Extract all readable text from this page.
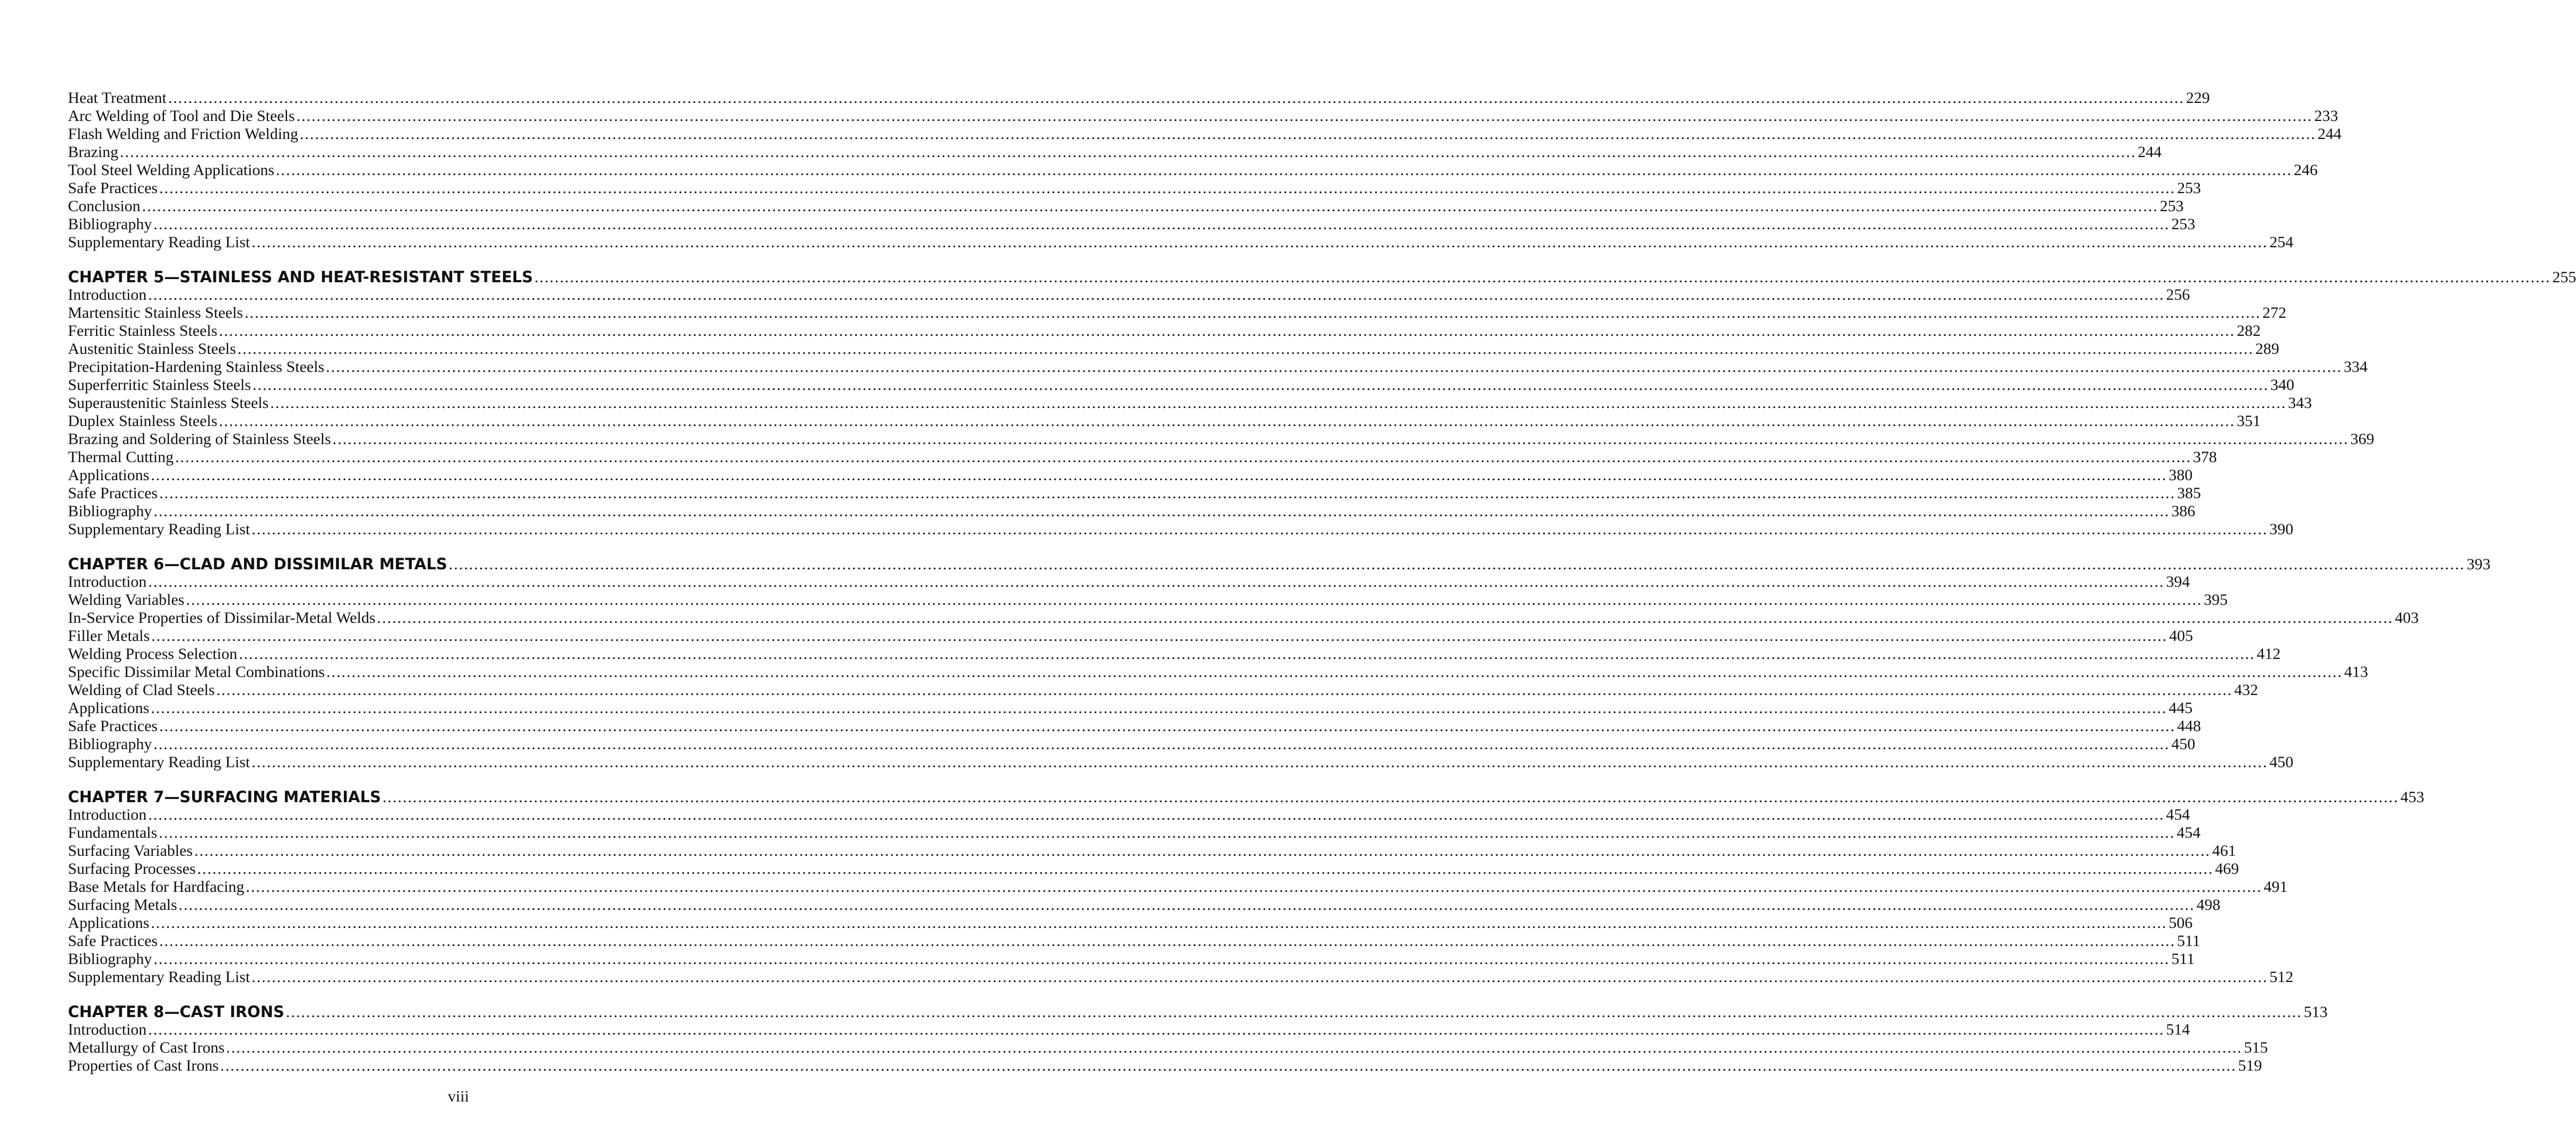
Heat Treatment ................................................................................................................................................................................................................................................................................................................................................................................................................ 229
Arc Welding of Tool and Die Steels ................................................................................................................................................................................................................................................................................................................................................................................................................ 233
Flash Welding and Friction Welding ................................................................................................................................................................................................................................................................................................................................................................................................................ 244
Brazing ................................................................................................................................................................................................................................................................................................................................................................................................................ 244
Tool Steel Welding Applications ................................................................................................................................................................................................................................................................................................................................................................................................................ 246
Safe Practices ................................................................................................................................................................................................................................................................................................................................................................................................................ 253
Conclusion ................................................................................................................................................................................................................................................................................................................................................................................................................ 253
Bibliography ................................................................................................................................................................................................................................................................................................................................................................................................................ 253
Supplementary Reading List ................................................................................................................................................................................................................................................................................................................................................................................................................ 254
CHAPTER 5—STAINLESS AND HEAT-RESISTANT STEELS ................................................................................................................................................................................................................................................................................................................................................................................................................ 255
Introduction ................................................................................................................................................................................................................................................................................................................................................................................................................ 256
Martensitic Stainless Steels ................................................................................................................................................................................................................................................................................................................................................................................................................ 272
Ferritic Stainless Steels ................................................................................................................................................................................................................................................................................................................................................................................................................ 282
Austenitic Stainless Steels ................................................................................................................................................................................................................................................................................................................................................................................................................ 289
Precipitation-Hardening Stainless Steels ................................................................................................................................................................................................................................................................................................................................................................................................................ 334
Superferritic Stainless Steels ................................................................................................................................................................................................................................................................................................................................................................................................................ 340
Superaustenitic Stainless Steels ................................................................................................................................................................................................................................................................................................................................................................................................................ 343
Duplex Stainless Steels ................................................................................................................................................................................................................................................................................................................................................................................................................ 351
Brazing and Soldering of Stainless Steels ................................................................................................................................................................................................................................................................................................................................................................................................................ 369
Thermal Cutting ................................................................................................................................................................................................................................................................................................................................................................................................................ 378
Applications ................................................................................................................................................................................................................................................................................................................................................................................................................ 380
Safe Practices ................................................................................................................................................................................................................................................................................................................................................................................................................ 385
Bibliography ................................................................................................................................................................................................................................................................................................................................................................................................................ 386
Supplementary Reading List ................................................................................................................................................................................................................................................................................................................................................................................................................ 390
CHAPTER 6—CLAD AND DISSIMILAR METALS ................................................................................................................................................................................................................................................................................................................................................................................................................ 393
Introduction ................................................................................................................................................................................................................................................................................................................................................................................................................ 394
Welding Variables ................................................................................................................................................................................................................................................................................................................................................................................................................ 395
In-Service Properties of Dissimilar-Metal Welds ................................................................................................................................................................................................................................................................................................................................................................................................................ 403
Filler Metals ................................................................................................................................................................................................................................................................................................................................................................................................................ 405
Welding Process Selection ................................................................................................................................................................................................................................................................................................................................................................................................................ 412
Specific Dissimilar Metal Combinations ................................................................................................................................................................................................................................................................................................................................................................................................................ 413
Welding of Clad Steels ................................................................................................................................................................................................................................................................................................................................................................................................................ 432
Applications ................................................................................................................................................................................................................................................................................................................................................................................................................ 445
Safe Practices ................................................................................................................................................................................................................................................................................................................................................................................................................ 448
Bibliography ................................................................................................................................................................................................................................................................................................................................................................................................................ 450
Supplementary Reading List ................................................................................................................................................................................................................................................................................................................................................................................................................ 450
CHAPTER 7—SURFACING MATERIALS ................................................................................................................................................................................................................................................................................................................................................................................................................ 453
Introduction ................................................................................................................................................................................................................................................................................................................................................................................................................ 454
Fundamentals ................................................................................................................................................................................................................................................................................................................................................................................................................ 454
Surfacing Variables ................................................................................................................................................................................................................................................................................................................................................................................................................ 461
Surfacing Processes ................................................................................................................................................................................................................................................................................................................................................................................................................ 469
Base Metals for Hardfacing ................................................................................................................................................................................................................................................................................................................................................................................................................ 491
Surfacing Metals ................................................................................................................................................................................................................................................................................................................................................................................................................ 498
Applications ................................................................................................................................................................................................................................................................................................................................................................................................................ 506
Safe Practices ................................................................................................................................................................................................................................................................................................................................................................................................................ 511
Bibliography ................................................................................................................................................................................................................................................................................................................................................................................................................ 511
Supplementary Reading List ................................................................................................................................................................................................................................................................................................................................................................................................................ 512
CHAPTER 8—CAST IRONS ................................................................................................................................................................................................................................................................................................................................................................................................................ 513
Introduction ................................................................................................................................................................................................................................................................................................................................................................................................................ 514
Metallurgy of Cast Irons ................................................................................................................................................................................................................................................................................................................................................................................................................ 515
Properties of Cast Irons ................................................................................................................................................................................................................................................................................................................................................................................................................ 519
viii
